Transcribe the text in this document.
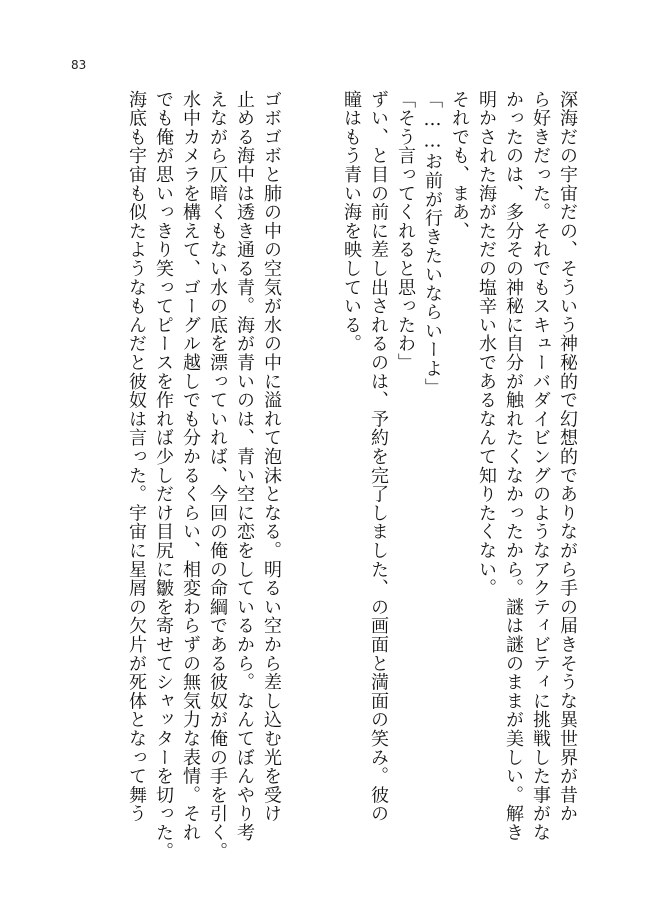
83
深海だの宇宙だの、そういう神秘的で幻想的でありながら手の届きそうな異世界が昔か
ら好きだった。それでもスキューバダイビングのようなアクティビティに挑戦した事がな
かったのは、多分その神秘に自分が触れたくなかったから。謎は謎のままが美しい。解き
明かされた海がただの塩辛い水であるなんて知りたくない。
それでも、まあ、
「……お前が行きたいならいーよ」
「そう言ってくれると思ったわ」
ずい、と目の前に差し出されるのは、予約を完了しました、の画面と満面の笑み。彼の
瞳はもう青い海を映している。
ゴボゴボと肺の中の空気が水の中に溢れて泡沫となる。明るい空から差し込む光を受け
止める海中は透き通る青。海が青いのは、青い空に恋をしているから。なんてぼんやり考
えながら仄暗くもない水の底を漂っていれば、今回の俺の命綱である彼奴が俺の手を引く。
水中カメラを構えて、ゴーグル越しでも分かるくらい、相変わらずの無気力な表情。それ
でも俺が思いっきり笑ってピースを作れば少しだけ目尻に皺を寄せてシャッターを切った。
海底も宇宙も似たようなもんだと彼奴は言った。宇宙に星屑の欠片が死体となって舞う
